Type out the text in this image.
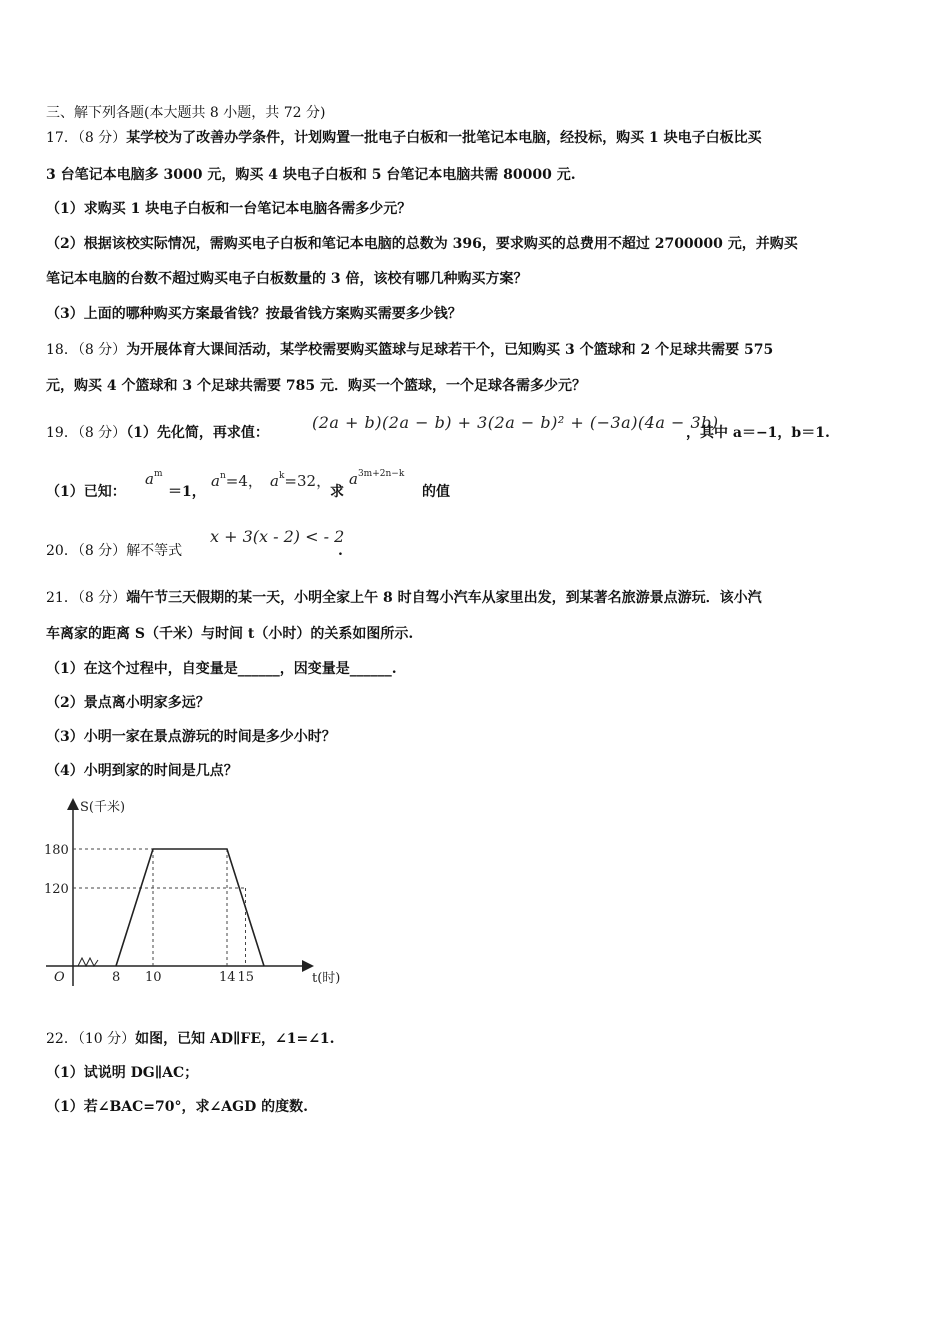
三、解下列各题(本大题共 8 小题，共 72 分)
17．（8 分）某学校为了改善办学条件，计划购置一批电子白板和一批笔记本电脑，经投标，购买 1 块电子白板比买
3 台笔记本电脑多 3000 元，购买 4 块电子白板和 5 台笔记本电脑共需 80000 元.
（1）求购买 1 块电子白板和一台笔记本电脑各需多少元？
（2）根据该校实际情况，需购买电子白板和笔记本电脑的总数为 396，要求购买的总费用不超过 2700000 元，并购买
笔记本电脑的台数不超过购买电子白板数量的 3 倍，该校有哪几种购买方案？
（3）上面的哪种购买方案最省钱？按最省钱方案购买需要多少钱？
18．（8 分）为开展体育大课间活动，某学校需要购买篮球与足球若干个，已知购买 3 个篮球和 2 个足球共需要 575
元，购买 4 个篮球和 3 个足球共需要 785 元．购买一个篮球，一个足球各需多少元？
19．（8 分）（1）先化简，再求值：
(2a + b)(2a − b) + 3(2a − b)² + (−3a)(4a − 3b)
，其中 a＝−1，b＝1.
（1）已知：
$a^m$
＝1，
$a^n=4$， $a^k=32$，
求
$a^{3m+2n-k}$
的值
20．（8 分）解不等式
x + 3(x - 2) < - 2
.
21．（8 分）端午节三天假期的某一天，小明全家上午 8 时自驾小汽车从家里出发，到某著名旅游景点游玩．该小汽
车离家的距离 S（千米）与时间 t（小时）的关系如图所示.
（1）在这个过程中，自变量是______，因变量是______.
（2）景点离小明家多远？
（3）小明一家在景点游玩的时间是多少小时？
（4）小明到家的时间是几点？
S(千米)
t(时)
O
180
120
8 10	14 15
22．（10 分）如图，已知 AD∥FE，∠1=∠1.
（1）试说明 DG∥AC；
（1）若∠BAC=70°，求∠AGD 的度数.
